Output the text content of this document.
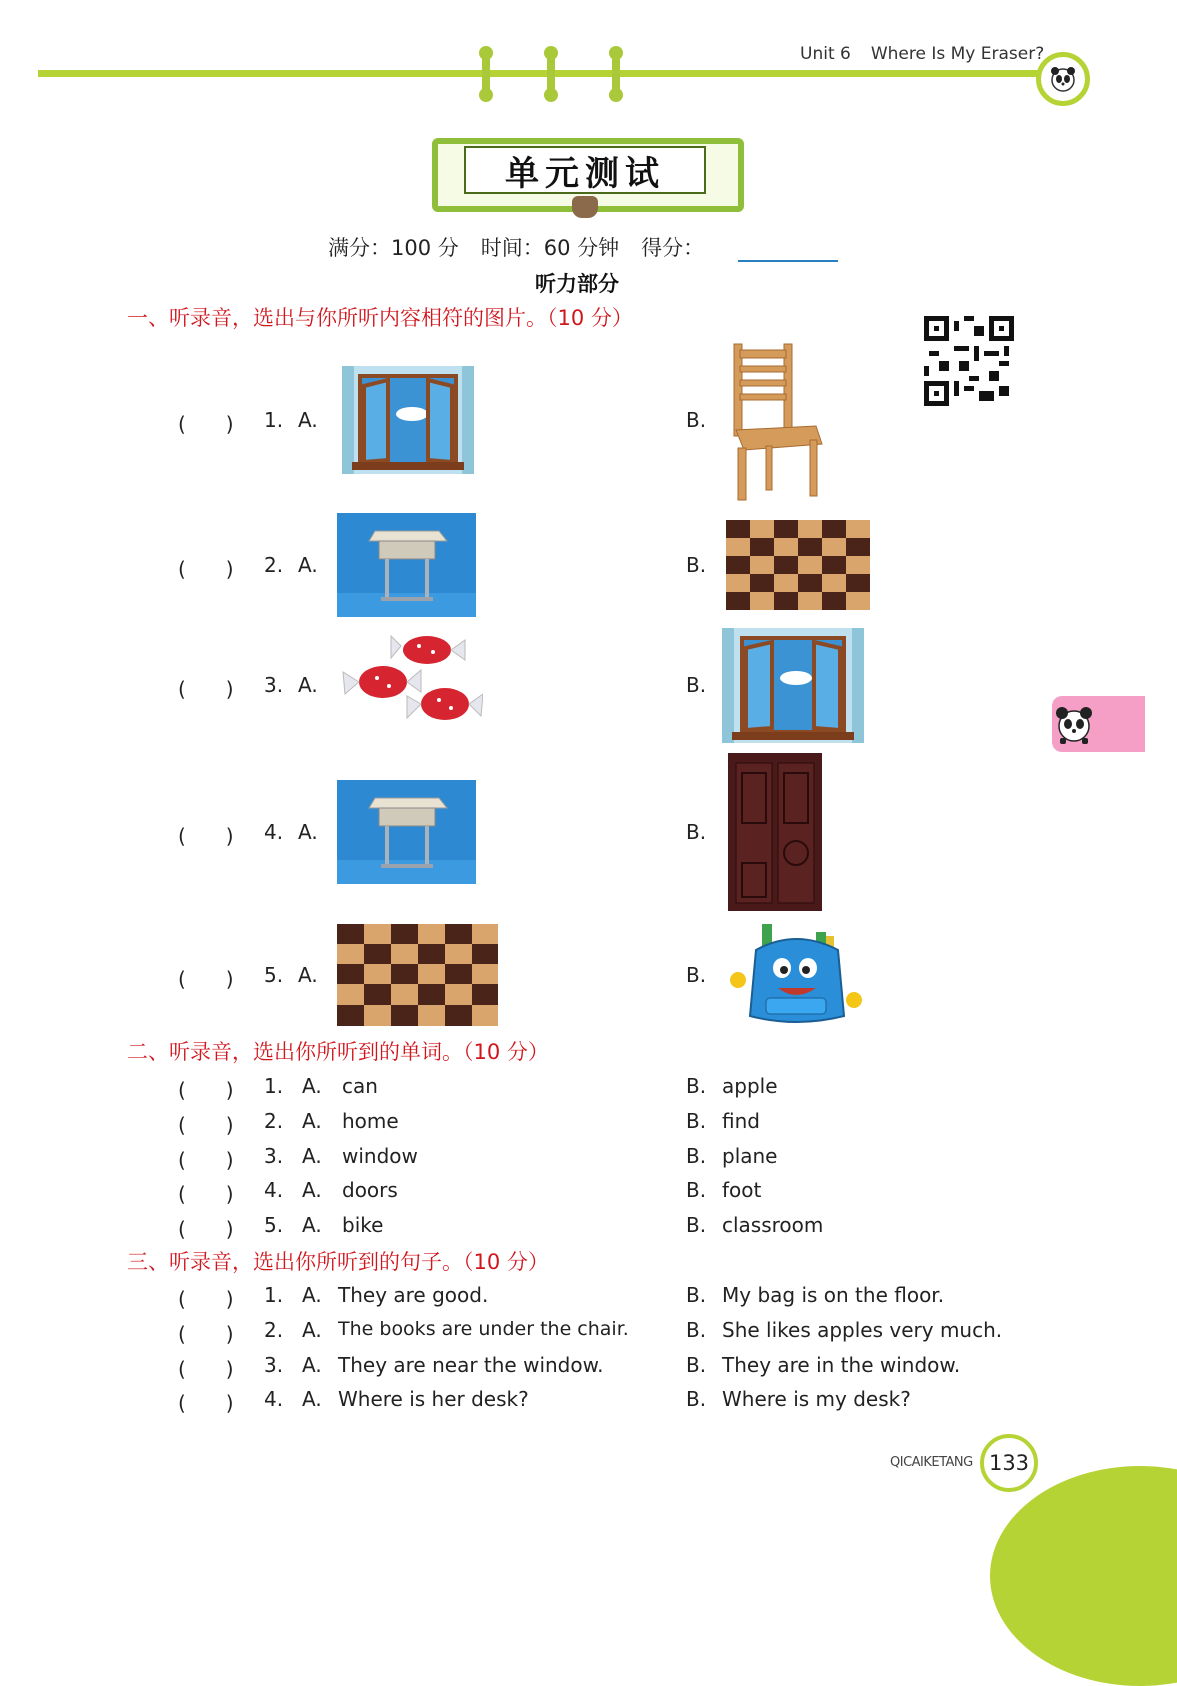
Unit 6 Where Is My Eraser?
单元测试
满分：100 分 时间：60 分钟 得分：
听力部分
一、听录音，选出与你所听内容相符的图片。（10 分）
(　　) 1. A.	B.
(　　) 2. A.	B.
(　　) 3. A.	B.
(　　) 4. A.	B.
(　　) 5. A.	B.
二、听录音，选出你所听到的单词。（10 分）
(　　) 1. A. can	B. apple
(　　) 2. A. home	B. find
(　　) 3. A. window	B. plane
(　　) 4. A. doors	B. foot
(　　) 5. A. bike	B. classroom
三、听录音，选出你所听到的句子。（10 分）
(　　) 1. A. They are good.	B. My bag is on the floor.
(　　) 2. A. The books are under the chair.	B. She likes apples very much.
(　　) 3. A. They are near the window.	B. They are in the window.
(　　) 4. A. Where is her desk?	B. Where is my desk?
QICAIKETANG 133
